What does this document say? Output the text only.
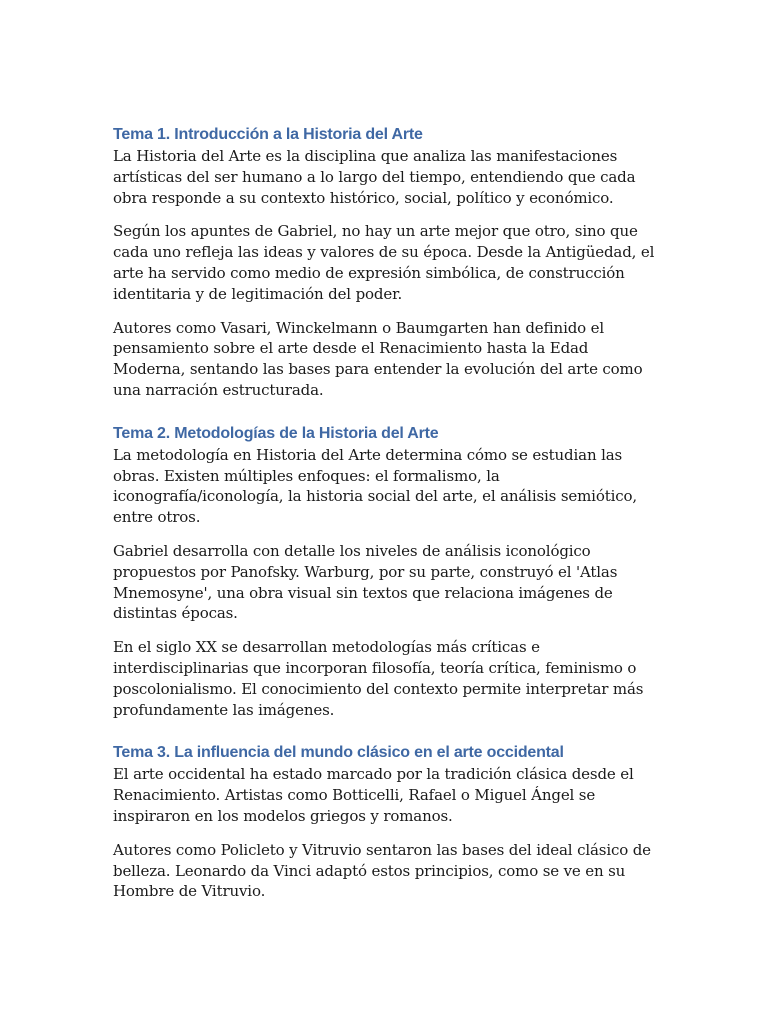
Tema 1. Introducción a la Historia del Arte

La Historia del Arte es la disciplina que analiza las manifestaciones artísticas del ser humano a lo largo del tiempo, entendiendo que cada obra responde a su contexto histórico, social, político y económico.

Según los apuntes de Gabriel, no hay un arte mejor que otro, sino que cada uno refleja las ideas y valores de su época. Desde la Antigüedad, el arte ha servido como medio de expresión simbólica, de construcción identitaria y de legitimación del poder.

Autores como Vasari, Winckelmann o Baumgarten han definido el pensamiento sobre el arte desde el Renacimiento hasta la Edad Moderna, sentando las bases para entender la evolución del arte como una narración estructurada.

Tema 2. Metodologías de la Historia del Arte

La metodología en Historia del Arte determina cómo se estudian las obras. Existen múltiples enfoques: el formalismo, la iconografía/iconología, la historia social del arte, el análisis semiótico, entre otros.

Gabriel desarrolla con detalle los niveles de análisis iconológico propuestos por Panofsky. Warburg, por su parte, construyó el 'Atlas Mnemosyne', una obra visual sin textos que relaciona imágenes de distintas épocas.

En el siglo XX se desarrollan metodologías más críticas e interdisciplinarias que incorporan filosofía, teoría crítica, feminismo o poscolonialismo. El conocimiento del contexto permite interpretar más profundamente las imágenes.

Tema 3. La influencia del mundo clásico en el arte occidental

El arte occidental ha estado marcado por la tradición clásica desde el Renacimiento. Artistas como Botticelli, Rafael o Miguel Ángel se inspiraron en los modelos griegos y romanos.

Autores como Policleto y Vitruvio sentaron las bases del ideal clásico de belleza. Leonardo da Vinci adaptó estos principios, como se ve en su Hombre de Vitruvio.
